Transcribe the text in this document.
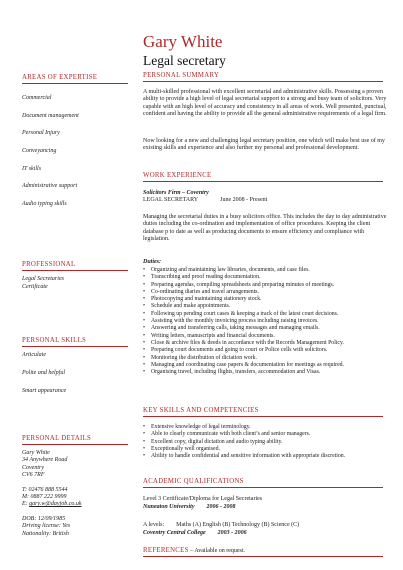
Gary White
Legal secretary
AREAS OF EXPERTISE
Commercial
Document management
Personal Injury
Conveyancing
IT skills
Administrative support
Audio typing skills
PROFESSIONAL
Legal Secretaries
Certificate
PERSONAL SKILLS
Articulate
Polite and helpful
Smart appearance
PERSONAL DETAILS
Gary White
34 Anywhere Road
Coventry
CV6 7RF
T: 02476 888 5544
M: 0887 222 9999
E: gary.w@dayjob.co.uk
DOB: 12/09/1985
Driving license: Yes
Nationality: British
PERSONAL SUMMARY
A multi-skilled professional with excellent secretarial and administrative skills. Possessing a proven ability to provide a high level of legal secretarial support to a strong and busy team of solicitors. Very capable with an high level of accuracy and consistency in all areas of work. Well presented, punctual, confident and having the ability to provide all the general administrative requirements of a legal firm.
Now looking for a new and challenging legal secretary position, one which will make best use of my existing skills and experience and also further my personal and professional development.
WORK EXPERIENCE
Solicitors Firm – Coventry
LEGAL SECRETARY	June 2008 - Present
Managing the secretarial duties in a busy solicitors office. This includes the day to day administrative duties including the co-ordination and implementation of office procedures. Keeping the client database p to date as well as producing documents to ensure efficiency and compliance with legislation.
Duties:
• Organizing and maintaining law libraries, documents, and case files.
• Transcribing and proof reading documentation.
• Preparing agendas, compiling spreadsheets and preparing minutes of meetings.
• Co-ordinating diaries and travel arrangements.
• Photocopying and maintaining stationery stock.
• Schedule and make appointments.
• Following up pending court cases & keeping a track of the latest court decisions.
• Assisting with the monthly invoicing process including raising invoices.
• Answering and transferring calls, taking messages and managing emails.
• Writing letters, manuscripts and financial documents.
• Close & archive files & deeds in accordance with the Records Management Policy.
• Preparing court documents and going to court or Police cells with solicitors.
• Monitoring the distribution of dictation work.
• Managing and coordinating case papers & documentation for meetings as required.
• Organising travel, including flights, transfers, accommodation and Visas.
KEY SKILLS AND COMPETENCIES
• Extensive knowledge of legal terminology.
• Able to clearly communicate with both client’s and senior managers.
• Excellent copy, digital dictation and audio typing ability.
• Exceptionally well organised.
• Ability to handle confidential and sensitive information with appropriate discretion.
ACADEMIC QUALIFICATIONS
Level 3 Certificate/Diploma for Legal Secretaries
Nuneaton University 2006 - 2008
A levels: Maths (A) English (B) Technology (B) Science (C)
Coventry Central College 2003 - 2006
REFERENCES – Available on request.
